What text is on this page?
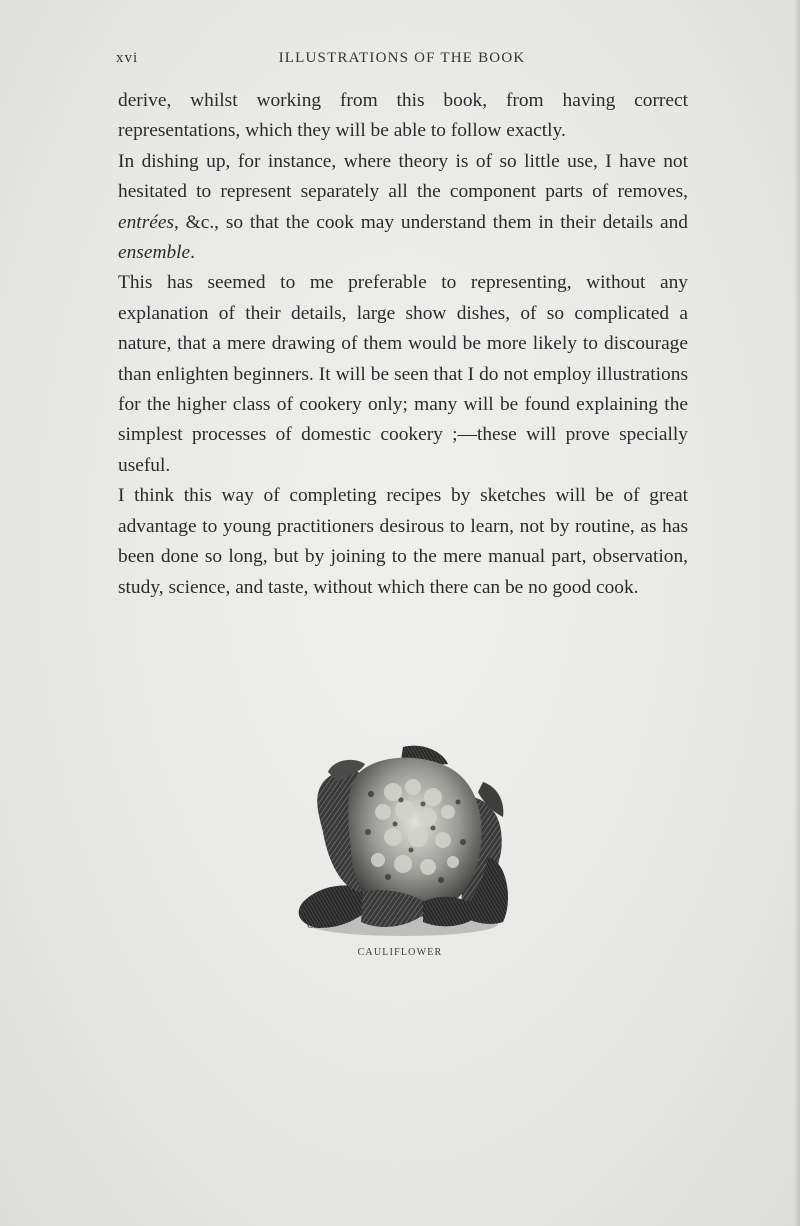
xvi	ILLUSTRATIONS OF THE BOOK

derive, whilst working from this book, from having correct representations, which they will be able to follow exactly.

In dishing up, for instance, where theory is of so little use, I have not hesitated to represent separately all the component parts of removes, entrées, &c., so that the cook may understand them in their details and ensemble.

This has seemed to me preferable to representing, without any explanation of their details, large show dishes, of so complicated a nature, that a mere drawing of them would be more likely to discourage than enlighten beginners. It will be seen that I do not employ illustrations for the higher class of cookery only; many will be found explaining the simplest processes of domestic cookery ;—these will prove specially useful.

I think this way of completing recipes by sketches will be of great advantage to young practitioners desirous to learn, not by routine, as has been done so long, but by joining to the mere manual part, observation, study, science, and taste, without which there can be no good cook.

C.L.
CAULIFLOWER
